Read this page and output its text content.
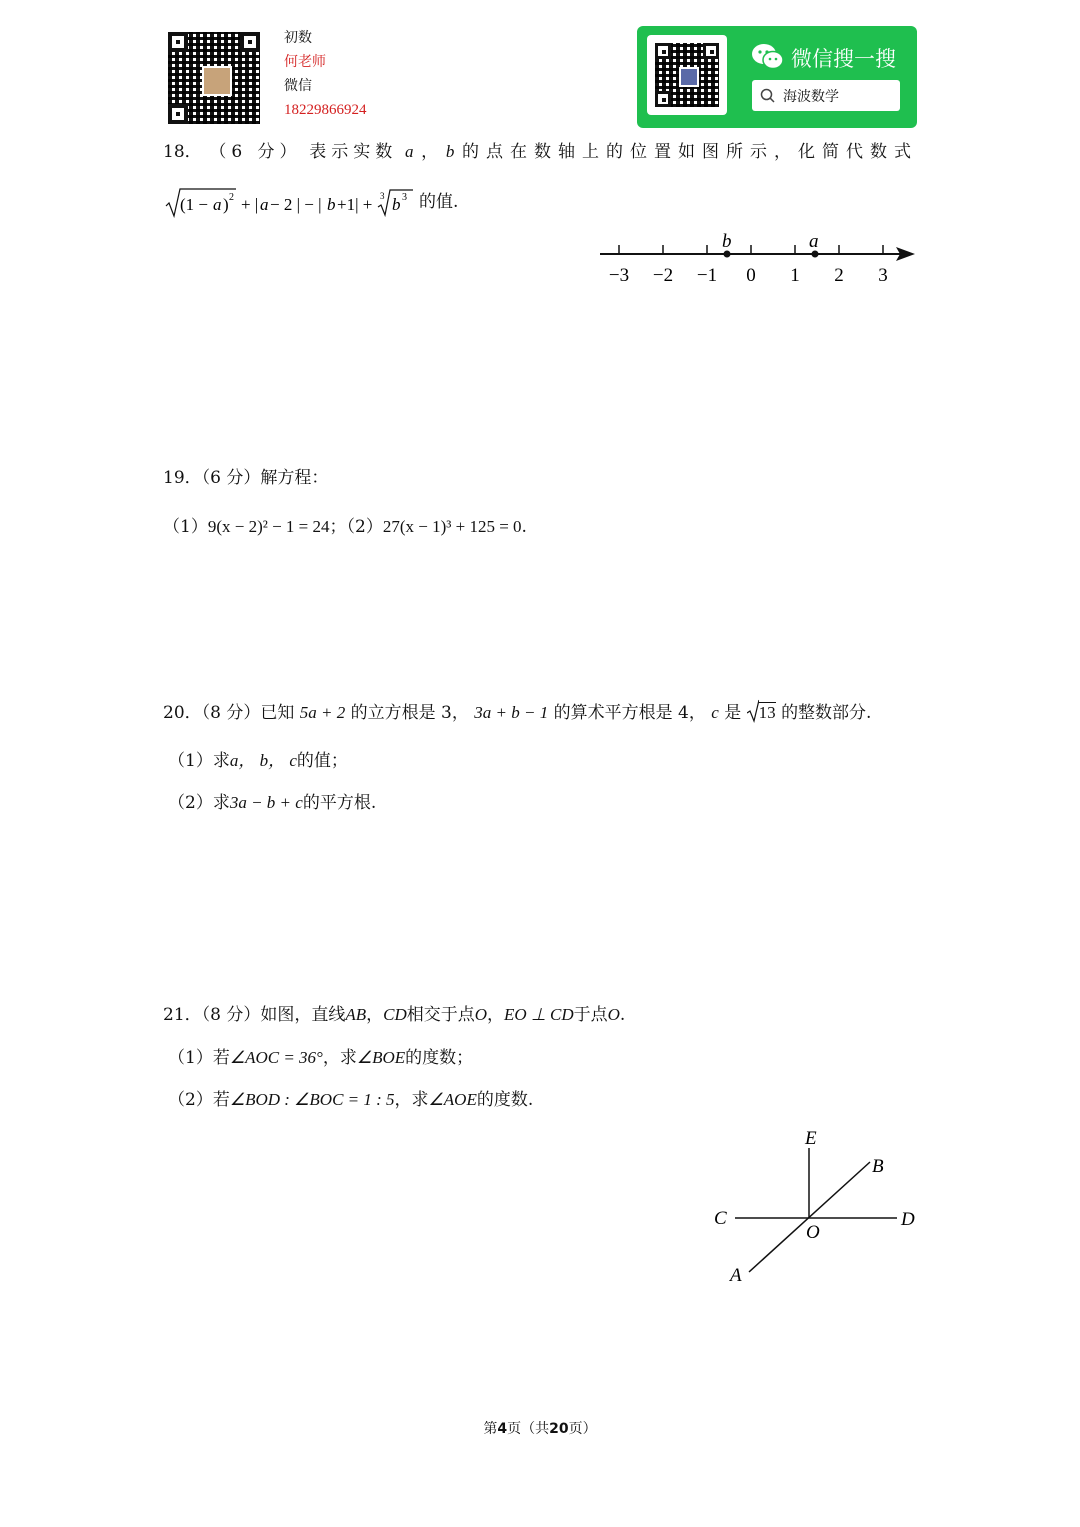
初数
何老师
微信
18229866924
微信搜一搜
海波数学
18． （6 分） 表示实数 a ， b 的点在数轴上的位置如图所示，化简代数式
(1 − a ) 2 + | a − 2 | − | b +1| + 3 b 3 的值.
−3 −2 −1 0 1 2 3
b	a
19．（6 分）解方程：
（1）9(x − 2)² − 1 = 24；（2）27(x − 1)³ + 125 = 0.
20．（8 分）已知 5a + 2 的立方根是 3， 3a + b − 1 的算术平方根是 4， c 是 13 的整数部分.
（1）求a， b， c的值；
（2）求3a − b + c的平方根.
21．（8 分）如图，直线AB，CD相交于点O，EO ⊥ CD于点O.
（1）若∠AOC = 36°，求∠BOE的度数；
（2）若∠BOD : ∠BOC = 1 : 5，求∠AOE的度数.
E
B
C	D
O
A
第4页（共20页）
